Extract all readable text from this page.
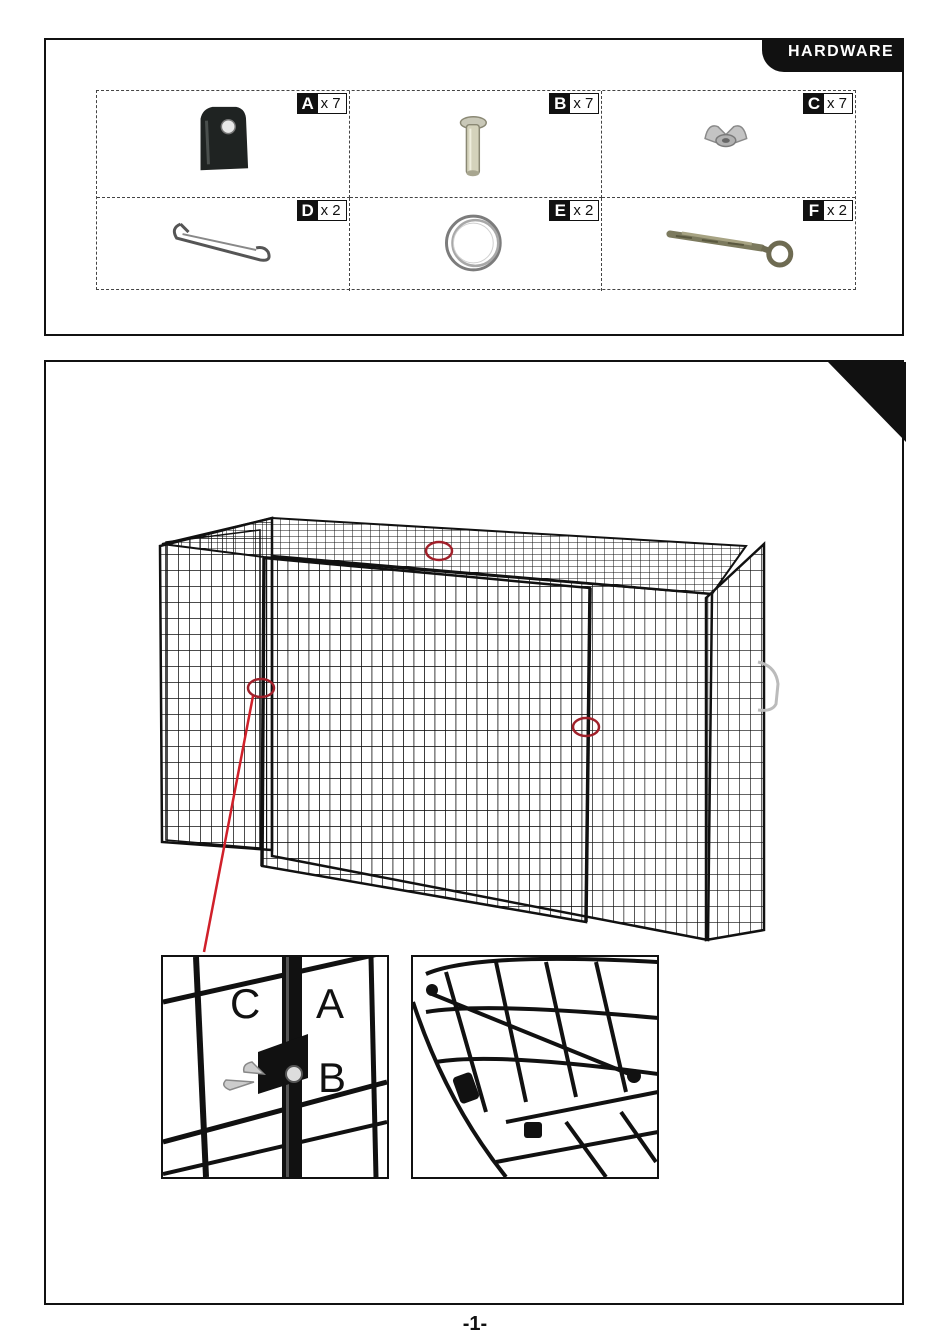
HARDWARE
A x 7	B x 7	C x 7
D x 2	E x 2	F x 2
C A
B
-1-
